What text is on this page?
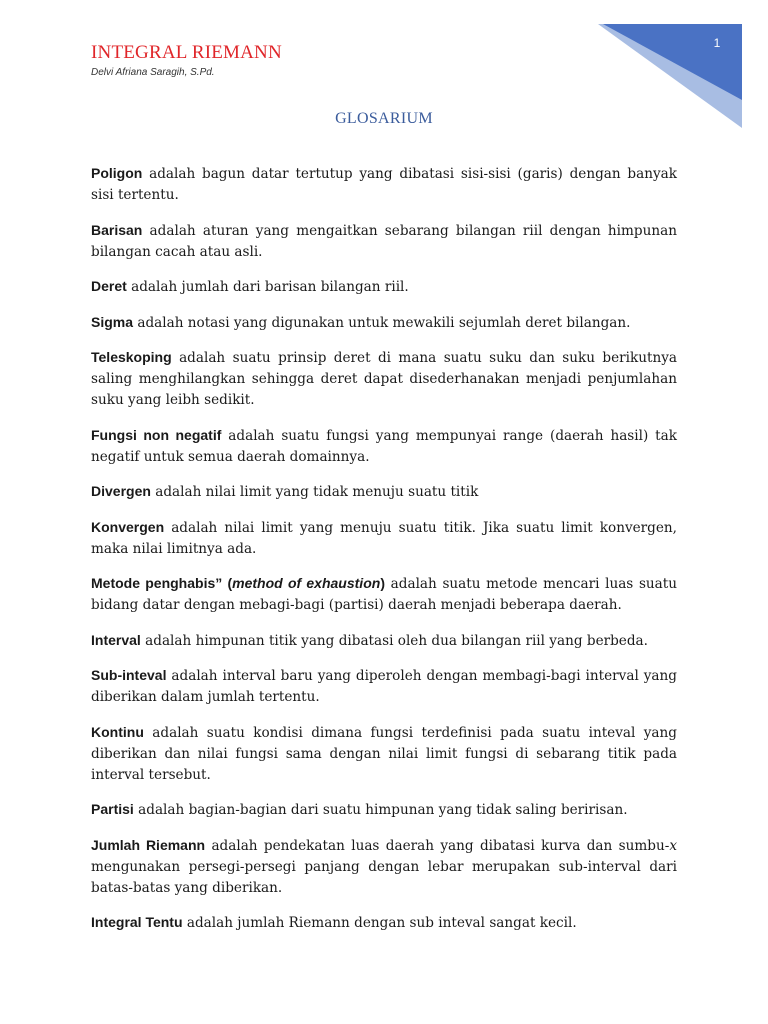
1
INTEGRAL RIEMANN
Delvi Afriana Saragih, S.Pd.
GLOSARIUM

Poligon adalah bagun datar tertutup yang dibatasi sisi-sisi (garis) dengan banyak sisi tertentu.

Barisan adalah aturan yang mengaitkan sebarang bilangan riil dengan himpunan bilangan cacah atau asli.

Deret adalah jumlah dari barisan bilangan riil.

Sigma adalah notasi yang digunakan untuk mewakili sejumlah deret bilangan.

Teleskoping adalah suatu prinsip deret di mana suatu suku dan suku berikutnya saling menghilangkan sehingga deret dapat disederhanakan menjadi penjumlahan suku yang leibh sedikit.

Fungsi non negatif adalah suatu fungsi yang mempunyai range (daerah hasil) tak negatif untuk semua daerah domainnya.

Divergen adalah nilai limit yang tidak menuju suatu titik

Konvergen adalah nilai limit yang menuju suatu titik. Jika suatu limit konvergen, maka nilai limitnya ada.

Metode penghabis” (method of exhaustion) adalah suatu metode mencari luas suatu bidang datar dengan mebagi-bagi (partisi) daerah menjadi beberapa daerah.

Interval adalah himpunan titik yang dibatasi oleh dua bilangan riil yang berbeda.

Sub-inteval adalah interval baru yang diperoleh dengan membagi-bagi interval yang diberikan dalam jumlah tertentu.

Kontinu adalah suatu kondisi dimana fungsi terdefinisi pada suatu inteval yang diberikan dan nilai fungsi sama dengan nilai limit fungsi di sebarang titik pada interval tersebut.

Partisi adalah bagian-bagian dari suatu himpunan yang tidak saling beririsan.

Jumlah Riemann adalah pendekatan luas daerah yang dibatasi kurva dan sumbu-x mengunakan persegi-persegi panjang dengan lebar merupakan sub-interval dari batas-batas yang diberikan.

Integral Tentu adalah jumlah Riemann dengan sub inteval sangat kecil.
